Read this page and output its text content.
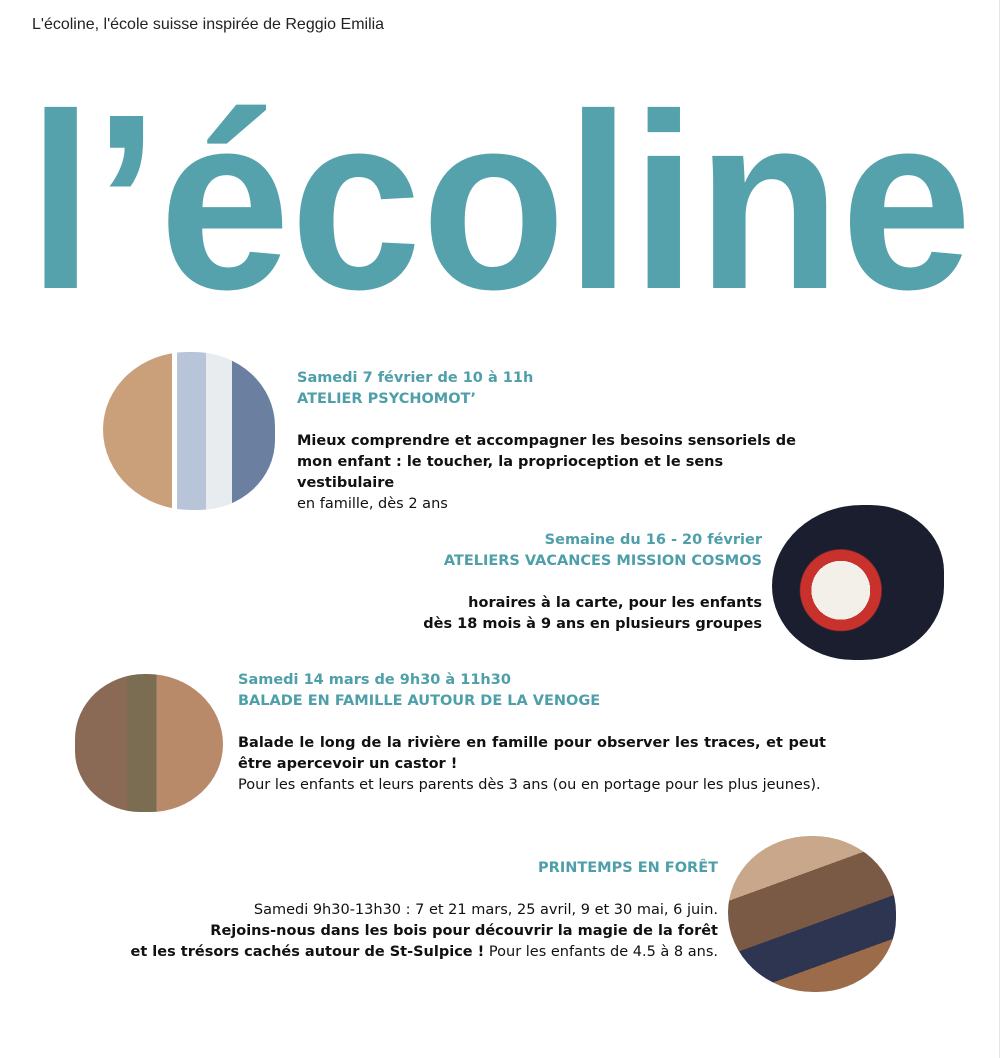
L'écoline, l'école suisse inspirée de Reggio Emilia
l’écoline
Samedi 7 février de 10 à 11h
ATELIER PSYCHOMOT’
Mieux comprendre et accompagner les besoins sensoriels de
mon enfant : le toucher, la proprioception et le sens vestibulaire
en famille, dès 2 ans
Semaine du 16 - 20 février
ATELIERS VACANCES MISSION COSMOS
horaires à la carte, pour les enfants
dès 18 mois à 9 ans en plusieurs groupes
Samedi 14 mars de 9h30 à 11h30
BALADE EN FAMILLE AUTOUR DE LA VENOGE
Balade le long de la rivière en famille pour observer les traces, et peut être apercevoir un castor !
Pour les enfants et leurs parents dès 3 ans (ou en portage pour les plus jeunes).
PRINTEMPS EN FORÊT
Samedi 9h30-13h30 : 7 et 21 mars, 25 avril, 9 et 30 mai, 6 juin.
Rejoins-nous dans les bois pour découvrir la magie de la forêt
et les trésors cachés autour de St-Sulpice ! Pour les enfants de 4.5 à 8 ans.
